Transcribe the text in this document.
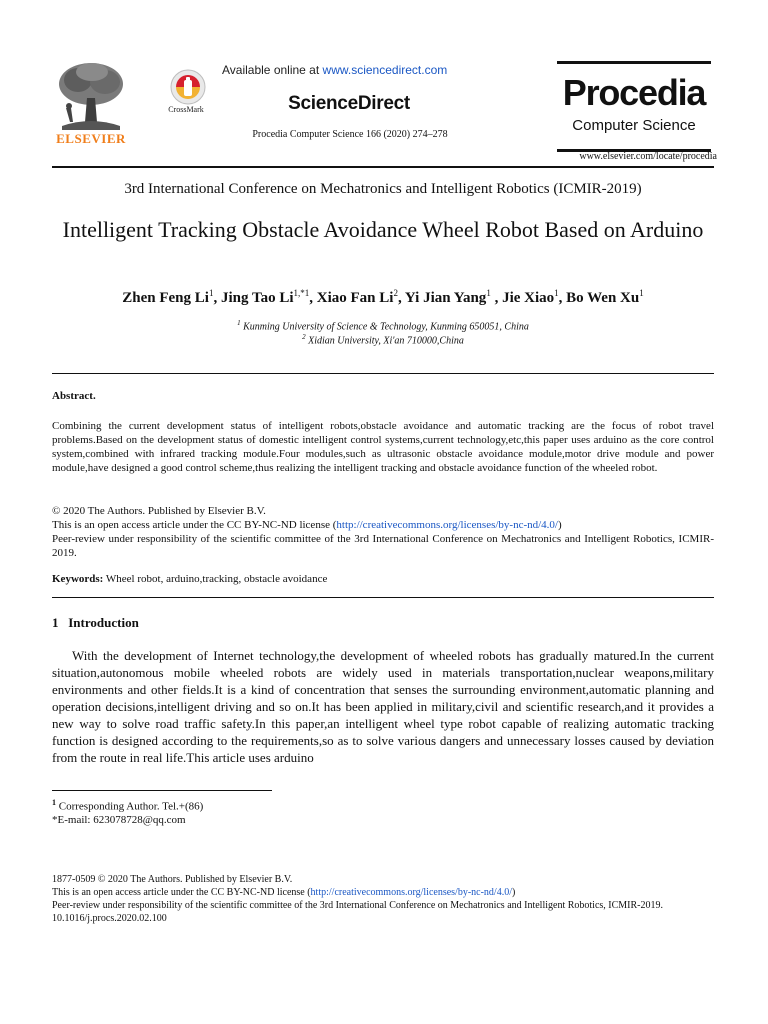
ELSEVIER
CrossMark
Available online at www.sciencedirect.com
ScienceDirect
Procedia Computer Science 166 (2020) 274–278
Procedia
Computer Science
www.elsevier.com/locate/procedia
3rd International Conference on Mechatronics and Intelligent Robotics (ICMIR-2019)
Intelligent Tracking Obstacle Avoidance Wheel Robot Based on Arduino
Zhen Feng Li$^1$, Jing Tao $Li^{1,*1}$, Xiao Fan Li$^2$, Yi Jian Yang$^1$ , Jie Xiao$^1$, Bo Wen Xu$^1$
$^1$ Kunming University of Science & Technology, Kunming 650051, China
$^2$ Xidian University, Xi'an 710000,China
Abstract.
Combining the current development status of intelligent robots,obstacle avoidance and automatic tracking are the focus of robot travel problems.Based on the development status of domestic intelligent control systems,current technology,etc,this paper uses arduino as the core control system,combined with infrared tracking module.Four modules,such as ultrasonic obstacle avoidance module,motor drive module and power module,have designed a good control scheme,thus realizing the intelligent tracking and obstacle avoidance function of the wheeled robot.
© 2020 The Authors. Published by Elsevier B.V.
This is an open access article under the CC BY-NC-ND license (http://creativecommons.org/licenses/by-nc-nd/4.0/)
Peer-review under responsibility of the scientific committee of the 3rd International Conference on Mechatronics and Intelligent Robotics, ICMIR-2019.
Keywords: Wheel robot, arduino,tracking, obstacle avoidance
1 Introduction
With the development of Internet technology,the development of wheeled robots has gradually matured.In the current situation,autonomous mobile wheeled robots are widely used in materials transportation,nuclear weapons,military environments and other fields.It is a kind of concentration that senses the surrounding environment,automatic planning and operation decisions,intelligent driving and so on.It has been applied in military,civil and scientific research,and it provides a new way to solve road traffic safety.In this paper,an intelligent wheel type robot capable of realizing automatic tracking function is designed according to the requirements,so as to solve various dangers and unnecessary losses caused by deviation from the route in real life.This article uses arduino
$^1$ Corresponding Author. Tel.+(86)
*E-mail: 623078728@qq.com
1877-0509 © 2020 The Authors. Published by Elsevier B.V.
This is an open access article under the CC BY-NC-ND license (http://creativecommons.org/licenses/by-nc-nd/4.0/)
Peer-review under responsibility of the scientific committee of the 3rd International Conference on Mechatronics and Intelligent Robotics, ICMIR-2019.
10.1016/j.procs.2020.02.100
